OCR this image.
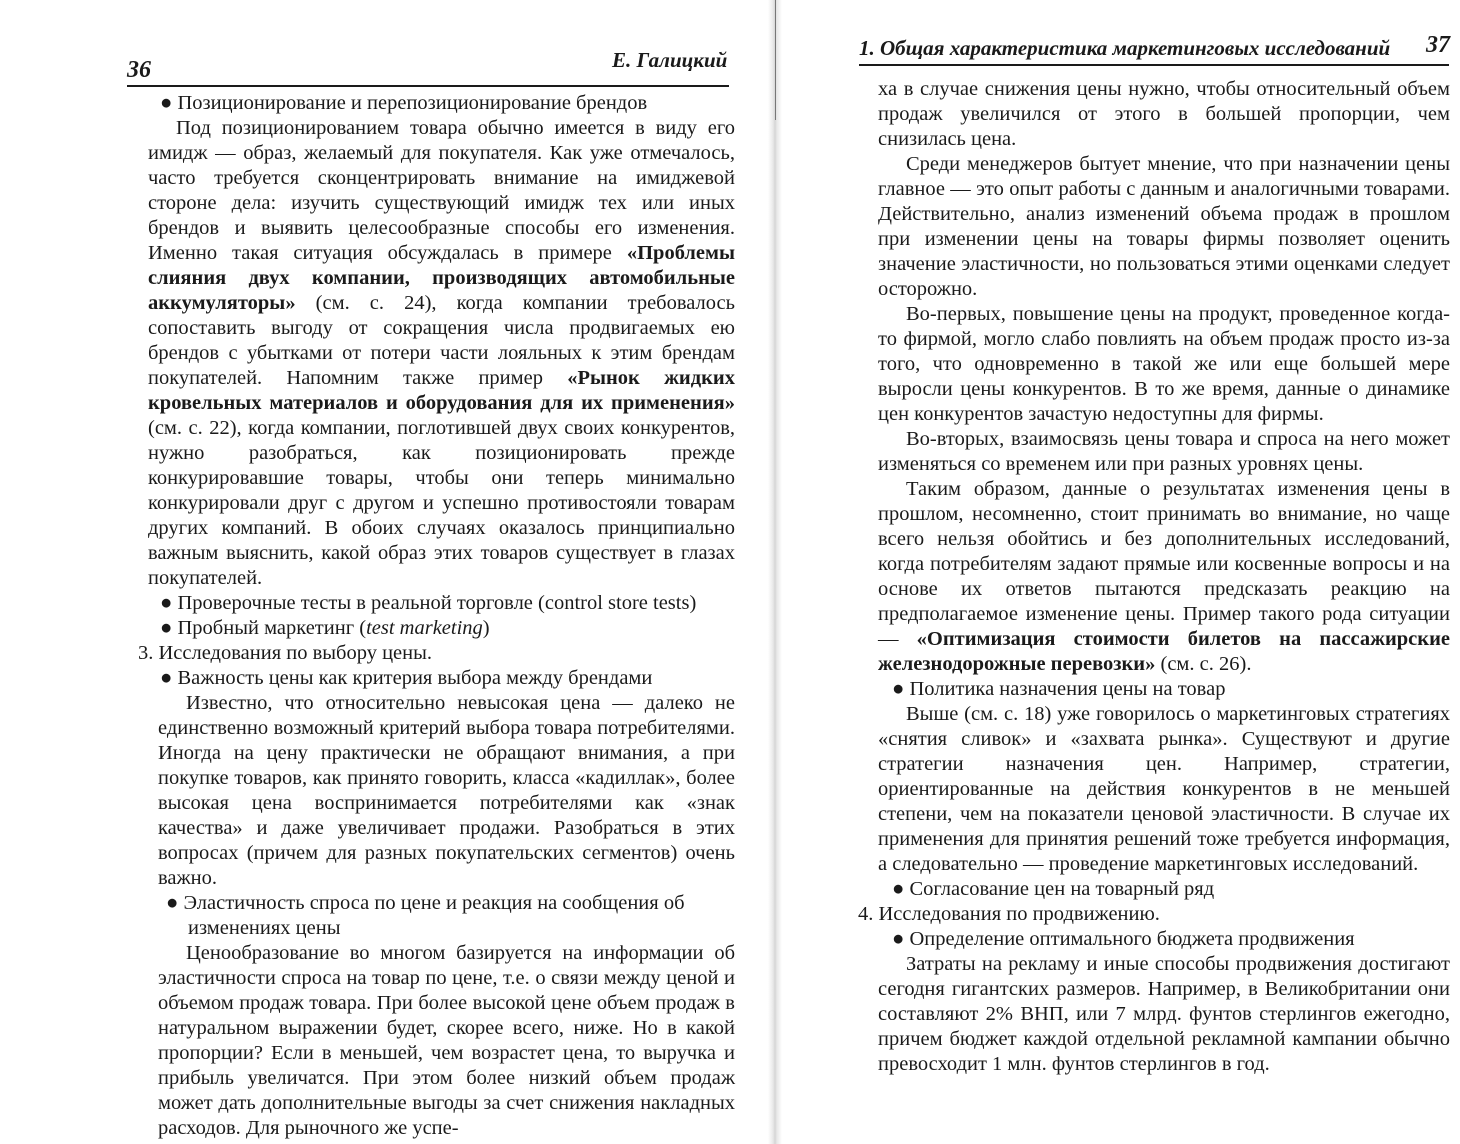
36	Е. Галицкий

● Позиционирование и перепозиционирование брендов

Под позиционированием товара обычно имеется в виду его имидж — образ, желаемый для покупателя. Как уже отмечалось, часто требуется сконцентрировать внимание на имиджевой стороне дела: изучить существующий имидж тех или иных брендов и выявить целесообразные способы его изменения. Именно такая ситуация обсуждалась в примере «Проблемы слияния двух компании, производящих автомобильные аккумуляторы» (см. с. 24), когда компании требовалось сопоставить выгоду от сокращения числа продвигаемых ею брендов с убытками от потери части лояльных к этим брендам покупателей. Напомним также пример «Рынок жидких кровельных материалов и оборудования для их применения» (см. с. 22), когда компании, поглотившей двух своих конкурентов, нужно разобраться, как позиционировать прежде конкурировавшие товары, чтобы они теперь минимально конкурировали друг с другом и успешно противостояли товарам других компаний. В обоих случаях оказалось принципиально важным выяснить, какой образ этих товаров существует в глазах покупателей.

● Проверочные тесты в реальной торговле (control store tests)

● Пробный маркетинг (test marketing)

3. Исследования по выбору цены.

● Важность цены как критерия выбора между брендами

Известно, что относительно невысокая цена — далеко не единственно возможный критерий выбора товара потребителями. Иногда на цену практически не обращают внимания, а при покупке товаров, как принято говорить, класса «кадиллак», более высокая цена воспринимается потребителями как «знак качества» и даже увеличивает продажи. Разобраться в этих вопросах (причем для разных покупательских сегментов) очень важно.

● Эластичность спроса по цене и реакция на сообщения об изменениях цены

Ценообразование во многом базируется на информации об эластичности спроса на товар по цене, т.е. о связи между ценой и объемом продаж товара. При более высокой цене объем продаж в натуральном выражении будет, скорее всего, ниже. Но в какой пропорции? Если в меньшей, чем возрастет цена, то выручка и прибыль увеличатся. При этом более низкий объем продаж может дать дополнительные выгоды за счет снижения накладных расходов. Для рыночного же успе-

1. Общая характеристика маркетинговых исследований 37

ха в случае снижения цены нужно, чтобы относительный объем продаж увеличился от этого в большей пропорции, чем снизилась цена.

Среди менеджеров бытует мнение, что при назначении цены главное — это опыт работы с данным и аналогичными товарами. Действительно, анализ изменений объема продаж в прошлом при изменении цены на товары фирмы позволяет оценить значение эластичности, но пользоваться этими оценками следует осторожно.

Во-первых, повышение цены на продукт, проведенное когда-то фирмой, могло слабо повлиять на объем продаж просто из-за того, что одновременно в такой же или еще большей мере выросли цены конкурентов. В то же время, данные о динамике цен конкурентов зачастую недоступны для фирмы.

Во-вторых, взаимосвязь цены товара и спроса на него может изменяться со временем или при разных уровнях цены.

Таким образом, данные о результатах изменения цены в прошлом, несомненно, стоит принимать во внимание, но чаще всего нельзя обойтись и без дополнительных исследований, когда потребителям задают прямые или косвенные вопросы и на основе их ответов пытаются предсказать реакцию на предполагаемое изменение цены. Пример такого рода ситуации — «Оптимизация стоимости билетов на пассажирские железнодорожные перевозки» (см. с. 26).

● Политика назначения цены на товар

Выше (см. с. 18) уже говорилось о маркетинговых стратегиях «снятия сливок» и «захвата рынка». Существуют и другие стратегии назначения цен. Например, стратегии, ориентированные на действия конкурентов в не меньшей степени, чем на показатели ценовой эластичности. В случае их применения для принятия решений тоже требуется информация, а следовательно — проведение маркетинговых исследований.

● Согласование цен на товарный ряд

4. Исследования по продвижению.

● Определение оптимального бюджета продвижения

Затраты на рекламу и иные способы продвижения достигают сегодня гигантских размеров. Например, в Великобритании они составляют 2% ВНП, или 7 млрд. фунтов стерлингов ежегодно, причем бюджет каждой отдельной рекламной кампании обычно превосходит 1 млн. фунтов стерлингов в год.
